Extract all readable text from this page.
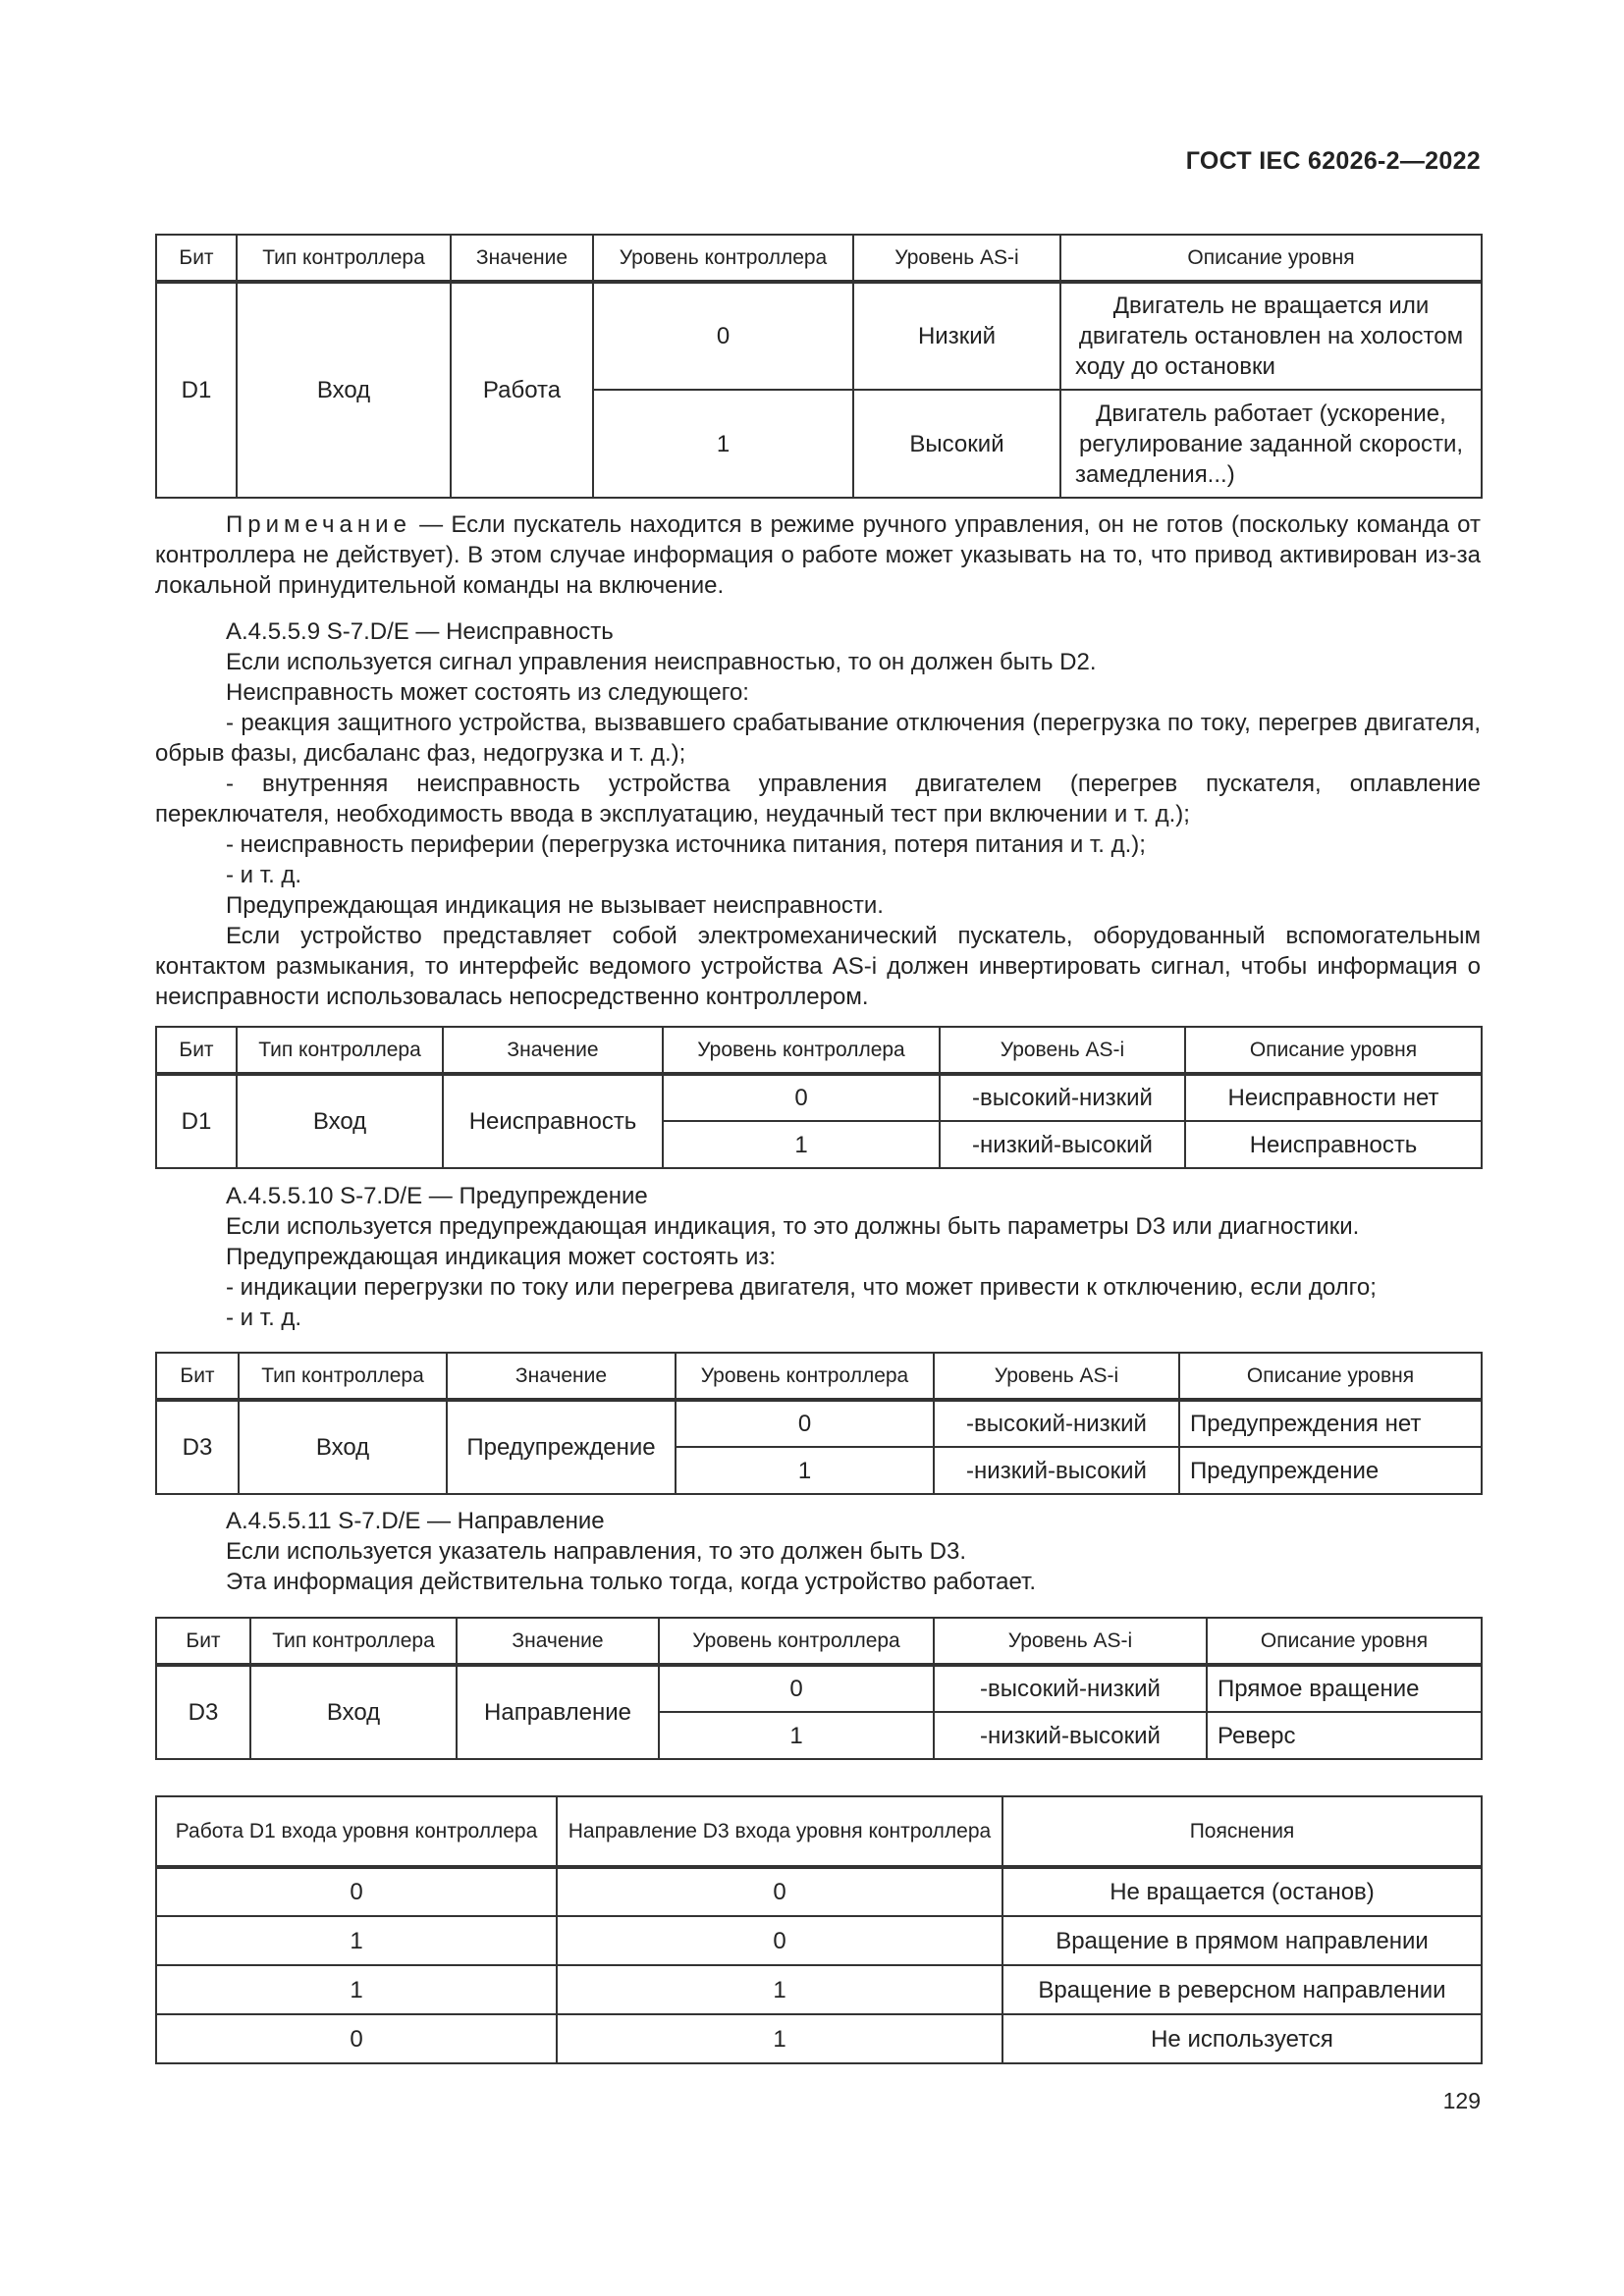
ГОСТ IEC 62026-2—2022
Бит	Тип контроллера	Значение	Уровень контроллера	Уровень AS-i	Описание уровня
D1	Вход	Работа	0	Низкий	Двигатель не вращается или двигатель остановлен на холостом ходу до остановки
			1	Высокий	Двигатель работает (ускорение, регулирование заданной скорости, замедления...)

Примечание — Если пускатель находится в режиме ручного управления, он не готов (поскольку команда от контроллера не действует). В этом случае информация о работе может указывать на то, что привод активирован из-за локальной принудительной команды на включение.

А.4.5.5.9 S-7.D/E — Неисправность

Если используется сигнал управления неисправностью, то он должен быть D2.

Неисправность может состоять из следующего:

- реакция защитного устройства, вызвавшего срабатывание отключения (перегрузка по току, перегрев двигателя, обрыв фазы, дисбаланс фаз, недогрузка и т. д.);

- внутренняя неисправность устройства управления двигателем (перегрев пускателя, оплавление переключателя, необходимость ввода в эксплуатацию, неудачный тест при включении и т. д.);

- неисправность периферии (перегрузка источника питания, потеря питания и т. д.);

- и т. д.

Предупреждающая индикация не вызывает неисправности.

Если устройство представляет собой электромеханический пускатель, оборудованный вспомогательным контактом размыкания, то интерфейс ведомого устройства AS-i должен инвертировать сигнал, чтобы информация о неисправности использовалась непосредственно контроллером.

Бит	Тип контроллера	Значение	Уровень контроллера	Уровень AS-i	Описание уровня
D1	Вход	Неисправность	0	-высокий-низкий	Неисправности нет
			1	-низкий-высокий	Неисправность

А.4.5.5.10 S-7.D/E — Предупреждение

Если используется предупреждающая индикация, то это должны быть параметры D3 или диагностики.

Предупреждающая индикация может состоять из:

- индикации перегрузки по току или перегрева двигателя, что может привести к отключению, если долго;

- и т. д.

Бит	Тип контроллера	Значение	Уровень контроллера	Уровень AS-i	Описание уровня
D3	Вход	Предупреждение	0	-высокий-низкий	Предупреждения нет
			1	-низкий-высокий	Предупреждение

А.4.5.5.11 S-7.D/E — Направление

Если используется указатель направления, то это должен быть D3.

Эта информация действительна только тогда, когда устройство работает.

Бит	Тип контроллера	Значение	Уровень контроллера	Уровень AS-i	Описание уровня
D3	Вход	Направление	0	-высокий-низкий	Прямое вращение
			1	-низкий-высокий	Реверс
Работа D1 входа уровня контроллера	Направление D3 входа уровня контроллера	Пояснения
0	0	Не вращается (останов)
1	0	Вращение в прямом направлении
1	1	Вращение в реверсном направлении
0	1	Не используется
129
